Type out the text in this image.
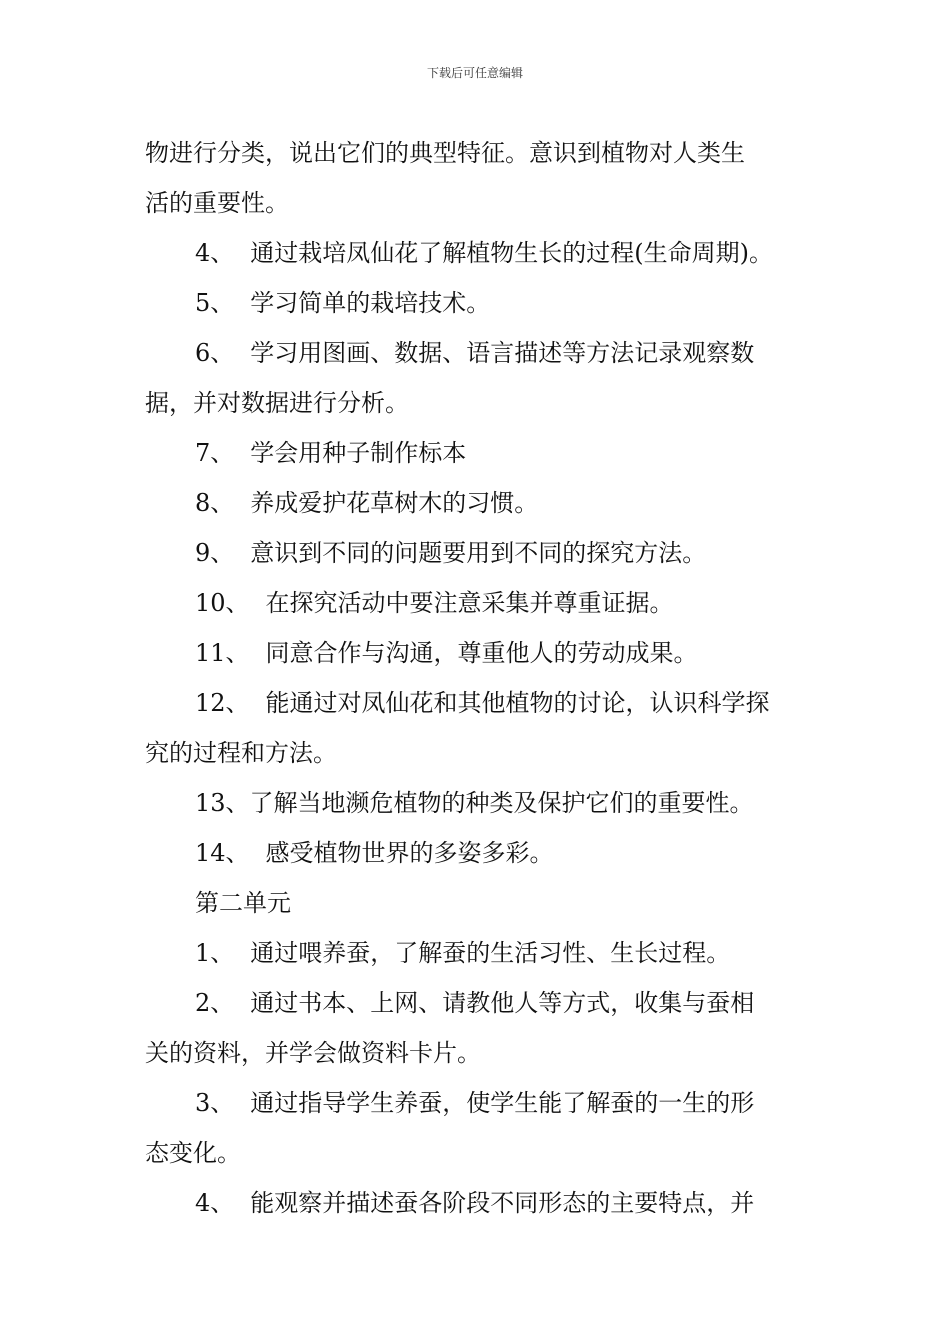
下载后可任意编辑
物进行分类，说出它们的典型特征。意识到植物对人类生
活的重要性。
4、 通过栽培凤仙花了解植物生长的过程(生命周期)。
5、 学习简单的栽培技术。
6、 学习用图画、数据、语言描述等方法记录观察数
据，并对数据进行分析。
7、 学会用种子制作标本
8、 养成爱护花草树木的习惯。
9、 意识到不同的问题要用到不同的探究方法。
10、 在探究活动中要注意采集并尊重证据。
11、 同意合作与沟通，尊重他人的劳动成果。
12、 能通过对凤仙花和其他植物的讨论，认识科学探
究的过程和方法。
13、了解当地濒危植物的种类及保护它们的重要性。
14、 感受植物世界的多姿多彩。
第二单元
1、 通过喂养蚕，了解蚕的生活习性、生长过程。
2、 通过书本、上网、请教他人等方式，收集与蚕相
关的资料，并学会做资料卡片。
3、 通过指导学生养蚕，使学生能了解蚕的一生的形
态变化。
4、 能观察并描述蚕各阶段不同形态的主要特点，并
